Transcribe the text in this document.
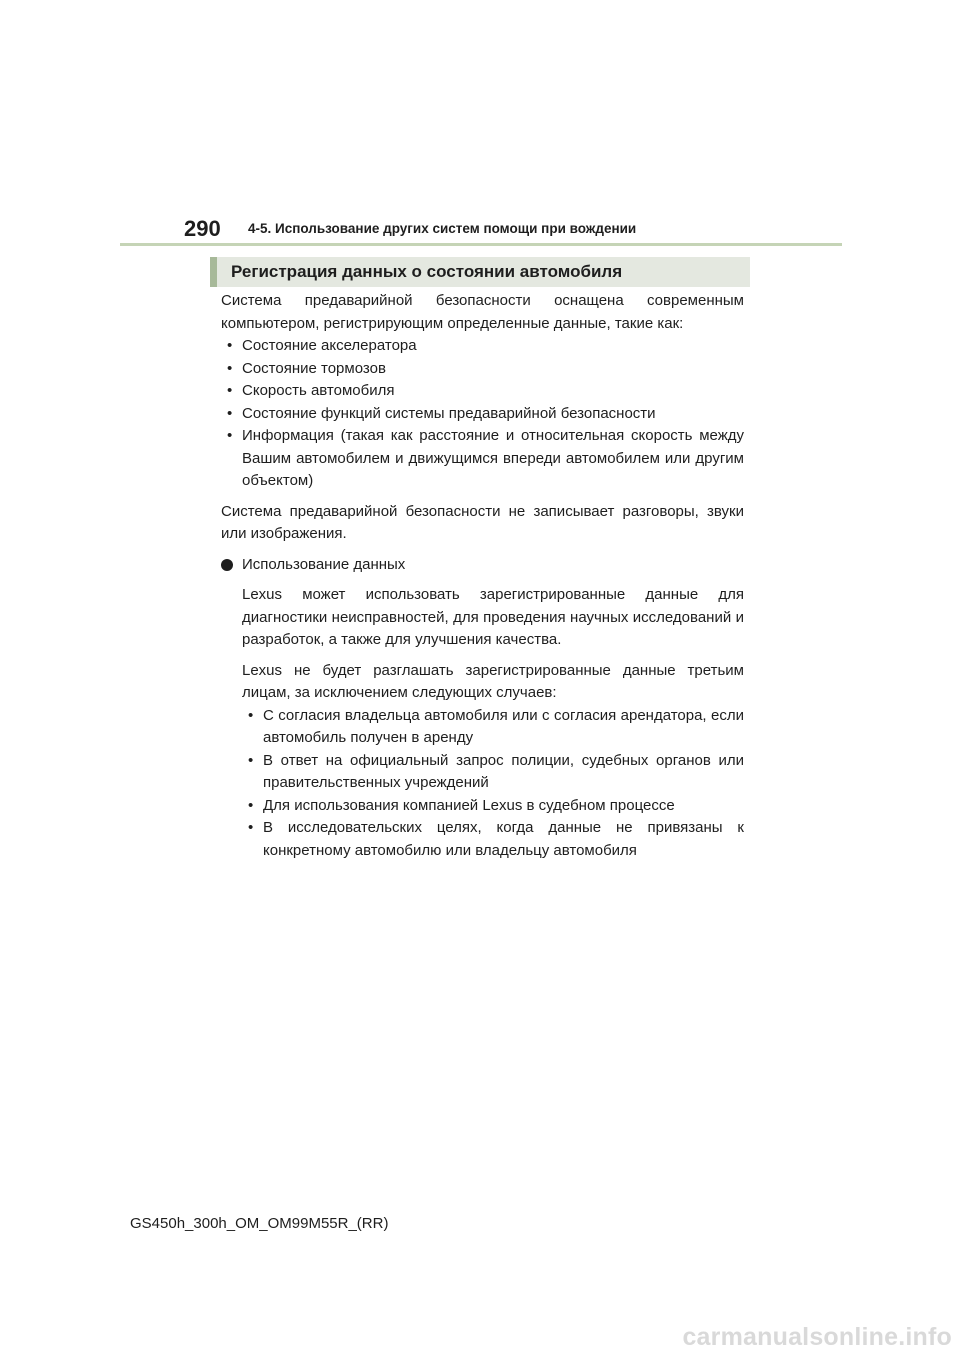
290 4-5. Использование других систем помощи при вождении
Регистрация данных о состоянии автомобиля

Система предаварийной безопасности оснащена современным компьютером, регистрирующим определенные данные, такие как:

• Состояние акселератора
• Состояние тормозов
• Скорость автомобиля
• Состояние функций системы предаварийной безопасности
• Информация (такая как расстояние и относительная скорость между Вашим автомобилем и движущимся впереди автомобилем или другим объектом)

Система предаварийной безопасности не записывает разговоры, звуки или изображения.

Использование данных

Lexus может использовать зарегистрированные данные для диагностики неисправностей, для проведения научных исследований и разработок, а также для улучшения качества.

Lexus не будет разглашать зарегистрированные данные третьим лицам, за исключением следующих случаев:

• С согласия владельца автомобиля или с согласия арендатора, если автомобиль получен в аренду
• В ответ на официальный запрос полиции, судебных органов или правительственных учреждений
• Для использования компанией Lexus в судебном процессе
• В исследовательских целях, когда данные не привязаны к конкретному автомобилю или владельцу автомобиля
GS450h_300h_OM_OM99M55R_(RR)
carmanualsonline.info
